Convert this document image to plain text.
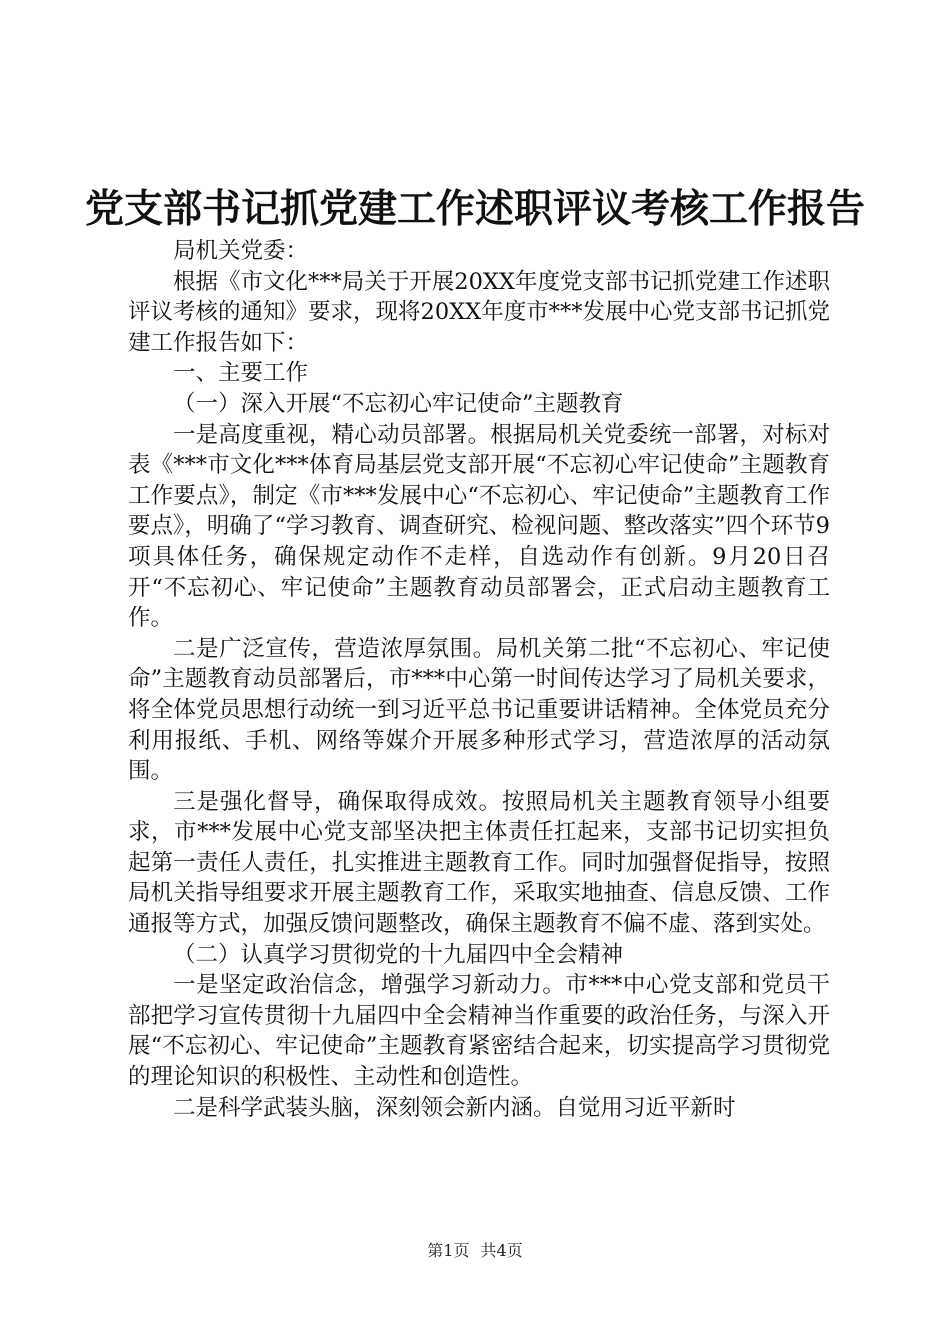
党支部书记抓党建工作述职评议考核工作报告

局机关党委：

根据《市文化***局关于开展20XX年度党支部书记抓党建工作述职评议考核的通知》要求，现将20XX年度市***发展中心党支部书记抓党建工作报告如下：

一、主要工作

（一）深入开展“不忘初心牢记使命”主题教育

一是高度重视，精心动员部署。根据局机关党委统一部署，对标对表《***市文化***体育局基层党支部开展“不忘初心牢记使命”主题教育工作要点》，制定《市***发展中心“不忘初心、牢记使命”主题教育工作要点》，明确了“学习教育、调查研究、检视问题、整改落实”四个环节9项具体任务，确保规定动作不走样，自选动作有创新。9月20日召开“不忘初心、牢记使命”主题教育动员部署会，正式启动主题教育工作。

二是广泛宣传，营造浓厚氛围。局机关第二批“不忘初心、牢记使命”主题教育动员部署后，市***中心第一时间传达学习了局机关要求，将全体党员思想行动统一到习近平总书记重要讲话精神。全体党员充分利用报纸、手机、网络等媒介开展多种形式学习，营造浓厚的活动氛围。

三是强化督导，确保取得成效。按照局机关主题教育领导小组要求，市***发展中心党支部坚决把主体责任扛起来，支部书记切实担负起第一责任人责任，扎实推进主题教育工作。同时加强督促指导，按照局机关指导组要求开展主题教育工作，采取实地抽查、信息反馈、工作通报等方式，加强反馈问题整改，确保主题教育不偏不虚、落到实处。

（二）认真学习贯彻党的十九届四中全会精神

一是坚定政治信念，增强学习新动力。市***中心党支部和党员干部把学习宣传贯彻十九届四中全会精神当作重要的政治任务，与深入开展“不忘初心、牢记使命”主题教育紧密结合起来，切实提高学习贯彻党的理论知识的积极性、主动性和创造性。

二是科学武装头脑，深刻领会新内涵。自觉用习近平新时

第1页 共4页
